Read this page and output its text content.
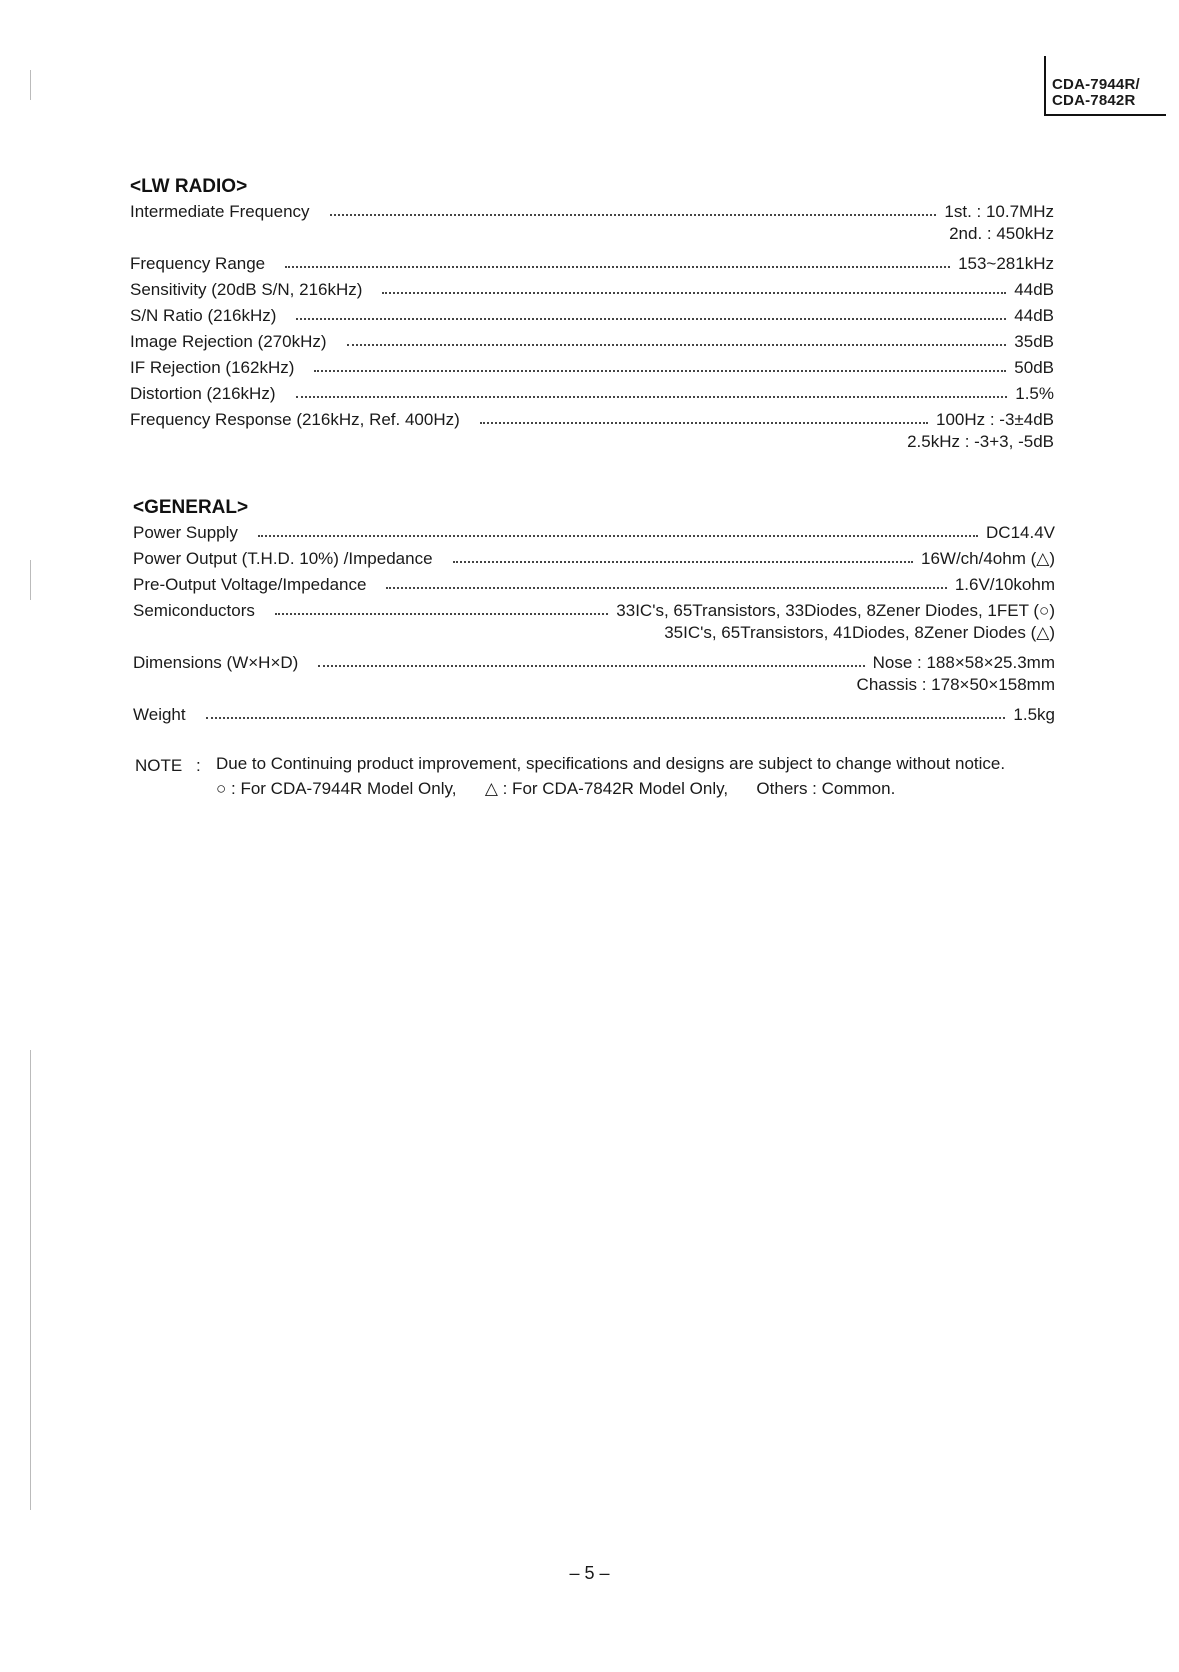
CDA-7944R/
CDA-7842R
<LW RADIO>
Intermediate Frequency	1st. : 10.7MHz
2nd. : 450kHz
Frequency Range	153~281kHz
Sensitivity (20dB S/N, 216kHz)	44dB
S/N Ratio (216kHz)	44dB
Image Rejection (270kHz)	35dB
IF Rejection (162kHz)	50dB
Distortion (216kHz)	1.5%
Frequency Response (216kHz, Ref. 400Hz)	100Hz : -3±4dB
2.5kHz : -3+3, -5dB
<GENERAL>
Power Supply	DC14.4V
Power Output (T.H.D. 10%) /Impedance	16W/ch/4ohm (△)
Pre-Output Voltage/Impedance	1.6V/10kohm
Semiconductors	33IC's, 65Transistors, 33Diodes, 8Zener Diodes, 1FET (○)
35IC's, 65Transistors, 41Diodes, 8Zener Diodes (△)
Dimensions (W×H×D)	Nose : 188×58×25.3mm
Chassis : 178×50×158mm
Weight	1.5kg
NOTE : Due to Continuing product improvement, specifications and designs are subject to change without notice.
○ : For CDA-7944R Model Only,      △ : For CDA-7842R Model Only,      Others : Common.
– 5 –
